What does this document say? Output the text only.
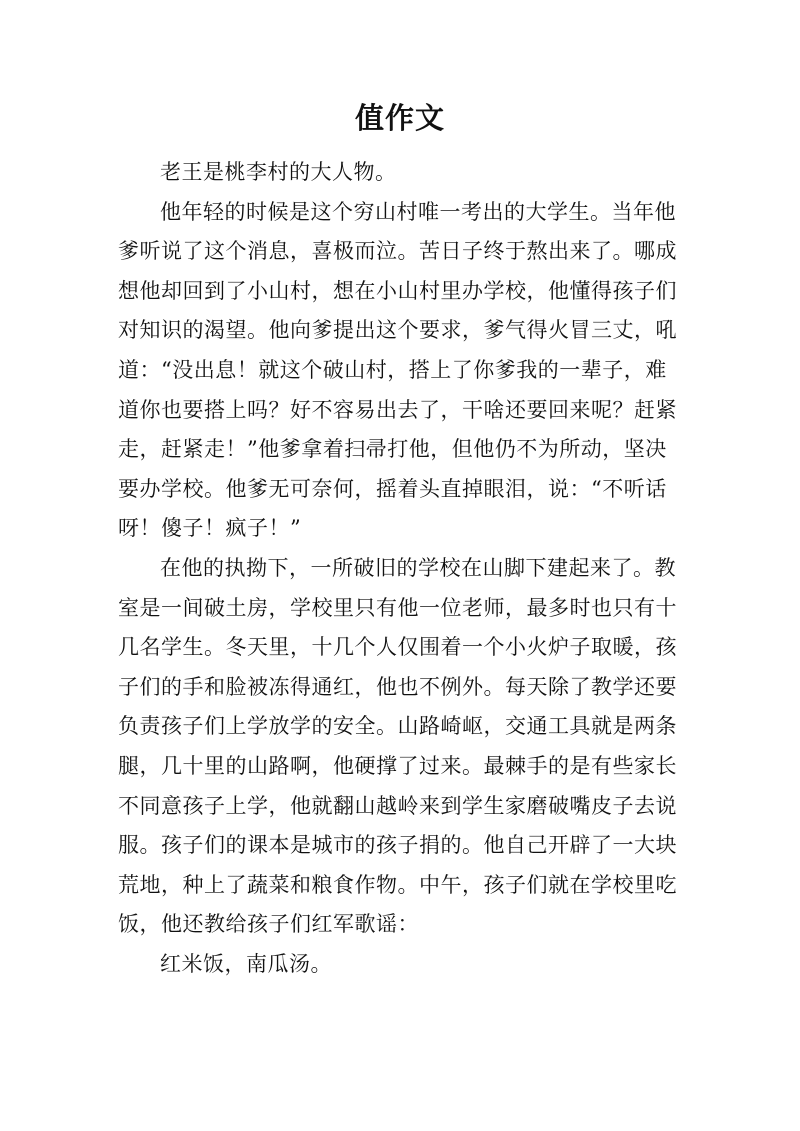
值作文

老王是桃李村的大人物。

他年轻的时候是这个穷山村唯一考出的大学生。当年他爹听说了这个消息，喜极而泣。苦日子终于熬出来了。哪成想他却回到了小山村，想在小山村里办学校，他懂得孩子们对知识的渴望。他向爹提出这个要求，爹气得火冒三丈，吼道：“没出息！就这个破山村，搭上了你爹我的一辈子，难道你也要搭上吗？好不容易出去了，干啥还要回来呢？赶紧走，赶紧走！”他爹拿着扫帚打他，但他仍不为所动，坚决要办学校。他爹无可奈何，摇着头直掉眼泪，说：“不听话呀！傻子！疯子！”

在他的执拗下，一所破旧的学校在山脚下建起来了。教室是一间破土房，学校里只有他一位老师，最多时也只有十几名学生。冬天里，十几个人仅围着一个小火炉子取暖，孩子们的手和脸被冻得通红，他也不例外。每天除了教学还要负责孩子们上学放学的安全。山路崎岖，交通工具就是两条腿，几十里的山路啊，他硬撑了过来。最棘手的是有些家长不同意孩子上学，他就翻山越岭来到学生家磨破嘴皮子去说服。孩子们的课本是城市的孩子捐的。他自己开辟了一大块荒地，种上了蔬菜和粮食作物。中午，孩子们就在学校里吃饭，他还教给孩子们红军歌谣：

红米饭，南瓜汤。
